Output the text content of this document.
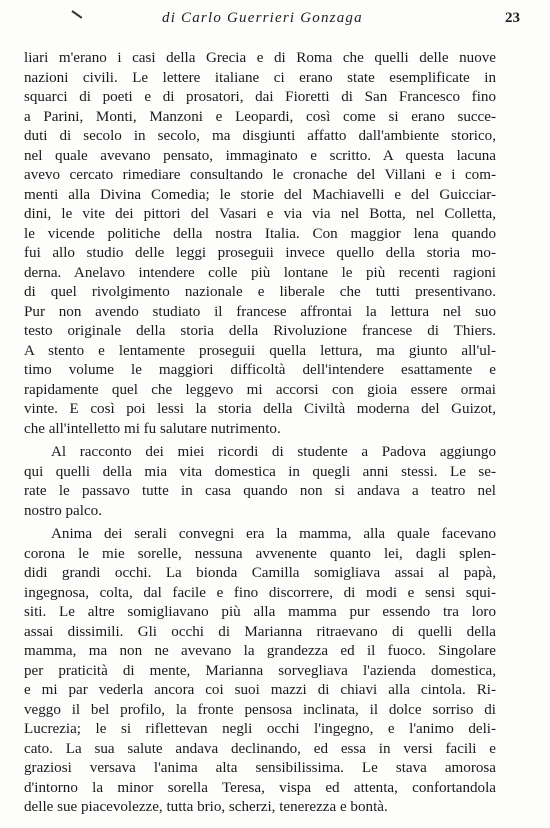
di Carlo Guerrieri Gonzaga	23
liari m'erano i casi della Grecia e di Roma che quelli delle nuove
nazioni civili. Le lettere italiane ci erano state esemplificate in
squarci di poeti e di prosatori, dai Fioretti di San Francesco fino
a Parini, Monti, Manzoni e Leopardi, così come si erano succe-
duti di secolo in secolo, ma disgiunti affatto dall'ambiente storico,
nel quale avevano pensato, immaginato e scritto. A questa lacuna
avevo cercato rimediare consultando le cronache del Villani e i com-
menti alla Divina Comedia; le storie del Machiavelli e del Guicciar-
dini, le vite dei pittori del Vasari e via via nel Botta, nel Colletta,
le vicende politiche della nostra Italia. Con maggior lena quando
fui allo studio delle leggi proseguii invece quello della storia mo-
derna. Anelavo intendere colle più lontane le più recenti ragioni
di quel rivolgimento nazionale e liberale che tutti presentivano.
Pur non avendo studiato il francese affrontai la lettura nel suo
testo originale della storia della Rivoluzione francese di Thiers.
A stento e lentamente proseguii quella lettura, ma giunto all'ul-
timo volume le maggiori difficoltà dell'intendere esattamente e
rapidamente quel che leggevo mi accorsi con gioia essere ormai
vinte. E così poi lessi la storia della Civiltà moderna del Guizot,
che all'intelletto mi fu salutare nutrimento.
Al racconto dei miei ricordi di studente a Padova aggiungo
qui quelli della mia vita domestica in quegli anni stessi. Le se-
rate le passavo tutte in casa quando non si andava a teatro nel
nostro palco.
Anima dei serali convegni era la mamma, alla quale facevano
corona le mie sorelle, nessuna avvenente quanto lei, dagli splen-
didi grandi occhi. La bionda Camilla somigliava assai al papà,
ingegnosa, colta, dal facile e fino discorrere, di modi e sensi squi-
siti. Le altre somigliavano più alla mamma pur essendo tra loro
assai dissimili. Gli occhi di Marianna ritraevano di quelli della
mamma, ma non ne avevano la grandezza ed il fuoco. Singolare
per praticità di mente, Marianna sorvegliava l'azienda domestica,
e mi par vederla ancora coi suoi mazzi di chiavi alla cintola. Ri-
veggo il bel profilo, la fronte pensosa inclinata, il dolce sorriso di
Lucrezia; le si riflettevan negli occhi l'ingegno, e l'animo deli-
cato. La sua salute andava declinando, ed essa in versi facili e
graziosi versava l'anima alta sensibilissima. Le stava amorosa
d'intorno la minor sorella Teresa, vispa ed attenta, confortandola
delle sue piacevolezze, tutta brio, scherzi, tenerezza e bontà.
